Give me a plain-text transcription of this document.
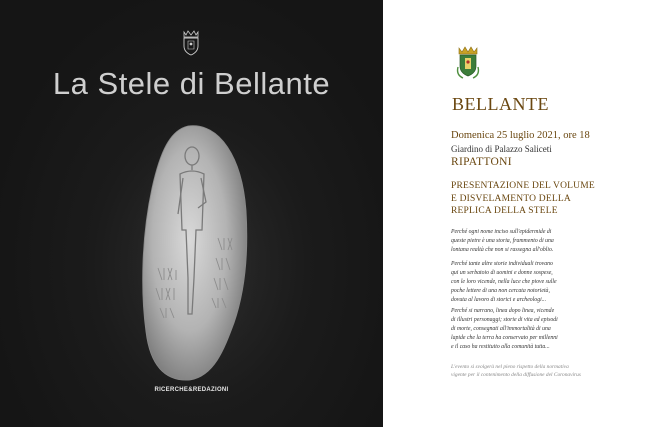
La Stele di Bellante
RICERCHE&REDAZIONI
BELLANTE
Domenica 25 luglio 2021, ore 18
Giardino di Palazzo Saliceti
RIPATTONI
PRESENTAZIONE DEL VOLUME
E DISVELAMENTO DELLA
REPLICA DELLA STELE
Perché ogni nome inciso sull'epidermide di
queste pietre è una storia, frammento di una
lontana realtà che non si rassegna all'oblio.
Perché tante altre storie individuali trovano
qui un serbatoio di uomini e donne sospese,
con le loro vicende, nella luce che piove sulle
poche lettere di una non cercata notorietà,
dovuta al lavoro di storici e archeologi...
Perché si narrano, linea dopo linea, vicende
di illustri personaggi; storie di vita ed episodi
di morte, consegnati all'immortalità di una
lapide che la terra ha conservato per millenni
e il caso ha restituito alla comunità tutta...
L'evento si svolgerà nel pieno rispetto della normativa
vigente per il contenimento della diffusione del Coronavirus
